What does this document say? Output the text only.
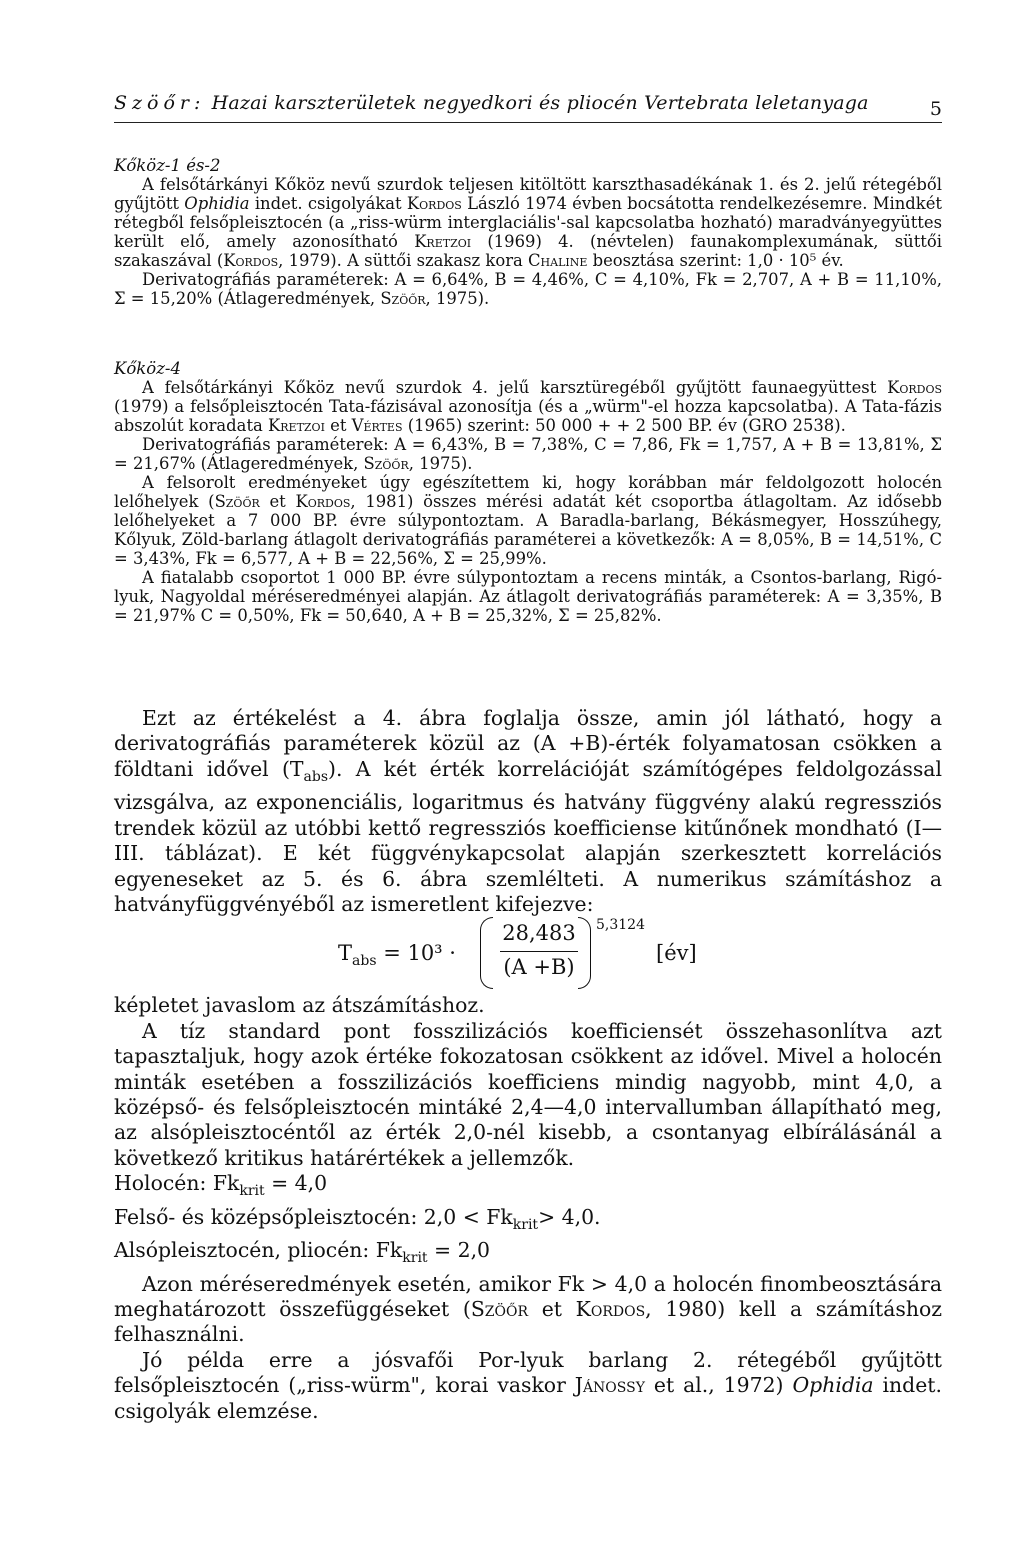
Szöőr: Hazai karszterületek negyedkori és pliocén Vertebrata leletanyaga	5

Kőköz-1 és-2

A felsőtárkányi Kőköz nevű szurdok teljesen kitöltött karszthasadékának 1. és 2. jelű rétegéből gyűjtött Ophidia indet. csigolyákat Kordos László 1974 évben bocsátotta rendelkezésemre. Mindkét rétegből felsőpleisztocén (a „riss-würm interglaciális'-sal kapcsolatba hozható) maradványegyüttes került elő, amely azonosítható Kretzoi (1969) 4. (névtelen) faunakomplexumának, süttői szakaszával (Kordos, 1979). A süttői szakasz kora Chaline beosztása szerint: 1,0 · 10⁵ év.

Derivatográfiás paraméterek: A = 6,64%, B = 4,46%, C = 4,10%, Fk = 2,707, A + B = 11,10%, Σ = 15,20% (Átlageredmények, Szöőr, 1975).

Kőköz-4

A felsőtárkányi Kőköz nevű szurdok 4. jelű karsztüregéből gyűjtött faunaegyüttest Kordos (1979) a felsőpleisztocén Tata-fázisával azonosítja (és a „würm"-el hozza kapcsolatba). A Tata-fázis abszolút koradata Kretzoi et Vértes (1965) szerint: 50 000 + + 2 500 BP. év (GRO 2538).

Derivatográfiás paraméterek: A = 6,43%, B = 7,38%, C = 7,86, Fk = 1,757, A + B = 13,81%, Σ = 21,67% (Átlageredmények, Szöőr, 1975).

A felsorolt eredményeket úgy egészítettem ki, hogy korábban már feldolgozott holocén lelőhelyek (Szöőr et Kordos, 1981) összes mérési adatát két csoportba átlagoltam. Az idősebb lelőhelyeket a 7 000 BP. évre súlypontoztam. A Baradla-barlang, Békásmegyer, Hosszúhegy, Kőlyuk, Zöld-barlang átlagolt derivatográfiás paraméterei a következők: A = 8,05%, B = 14,51%, C = 3,43%, Fk = 6,577, A + B = 22,56%, Σ = 25,99%.

A fiatalabb csoportot 1 000 BP. évre súlypontoztam a recens minták, a Csontos-barlang, Rigó-lyuk, Nagyoldal méréseredményei alapján. Az átlagolt derivatográfiás paraméterek: A = 3,35%, B = 21,97% C = 0,50%, Fk = 50,640, A + B = 25,32%, Σ = 25,82%.

Ezt az értékelést a 4. ábra foglalja össze, amin jól látható, hogy a derivatográfiás paraméterek közül az (A +B)-érték folyamatosan csökken a földtani idővel $(T_{abs})$. A két érték korrelációját számítógépes feldolgozással vizsgálva, az exponenciális, logaritmus és hatvány függvény alakú regressziós trendek közül az utóbbi kettő regressziós koefficiense kitűnőnek mondható (I—III. táblázat). E két függvénykapcsolat alapján szerkesztett korrelációs egyeneseket az 5. és 6. ábra szemlélteti. A numerikus számításhoz a hatványfüggvényéből az ismeretlent kifejezve:

$T_{abs} = 10^3$ ·
28,483
(A +B)
5,3124
[év]

képletet javaslom az átszámításhoz.

A tíz standard pont fosszilizációs koefficiensét összehasonlítva azt tapasztaljuk, hogy azok értéke fokozatosan csökkent az idővel. Mivel a holocén minták esetében a fosszilizációs koefficiens mindig nagyobb, mint 4,0, a középső- és felsőpleisztocén mintáké 2,4—4,0 intervallumban állapítható meg, az alsópleisztocéntől az érték 2,0-nél kisebb, a csontanyag elbírálásánál a következő kritikus határértékek a jellemzők.

Holocén: $Fk_{krit} = 4,0$

Felső- és középsőpleisztocén: $2,0 < Fk_{krit}> 4,0$.

Alsópleisztocén, pliocén: $Fk_{krit} = 2,0$

Azon méréseredmények esetén, amikor Fk > 4,0 a holocén finombeosztására meghatározott összefüggéseket (Szöőr et Kordos, 1980) kell a számításhoz felhasználni.

Jó példa erre a jósvafői Por-lyuk barlang 2. rétegéből gyűjtött felsőpleisztocén („riss-würm", korai vaskor Jánossy et al., 1972) Ophidia indet. csigolyák elemzése.
